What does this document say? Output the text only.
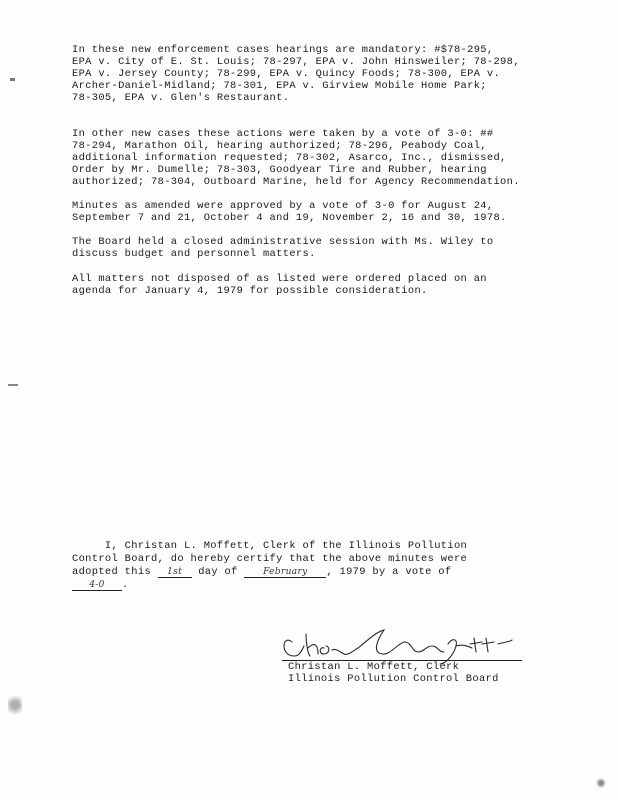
In these new enforcement cases hearings are mandatory: #$78-295,
EPA v. City of E. St. Louis; 78-297, EPA v. John Hinsweiler; 78-298,
EPA v. Jersey County; 78-299, EPA v. Quincy Foods; 78-300, EPA v.
Archer-Daniel-Midland; 78-301, EPA v. Girview Mobile Home Park;
78-305, EPA v. Glen's Restaurant.
In other new cases these actions were taken by a vote of 3-0: ##
78-294, Marathon Oil, hearing authorized; 78-296, Peabody Coal,
additional information requested; 78-302, Asarco, Inc., dismissed,
Order by Mr. Dumelle; 78-303, Goodyear Tire and Rubber, hearing
authorized; 78-304, Outboard Marine, held for Agency Recommendation.
Minutes as amended were approved by a vote of 3-0 for August 24,
September 7 and 21, October 4 and 19, November 2, 16 and 30, 1978.
The Board held a closed administrative session with Ms. Wiley to
discuss budget and personnel matters.
All matters not disposed of as listed were ordered placed on an
agenda for January 4, 1979 for possible consideration.
I, Christan L. Moffett, Clerk of the Illinois Pollution
Control Board, do hereby certify that the above minutes were
adopted this 1st day of February , 1979 by a vote of
4-0 .
Christan L. Moffett, Clerk
Illinois Pollution Control Board
